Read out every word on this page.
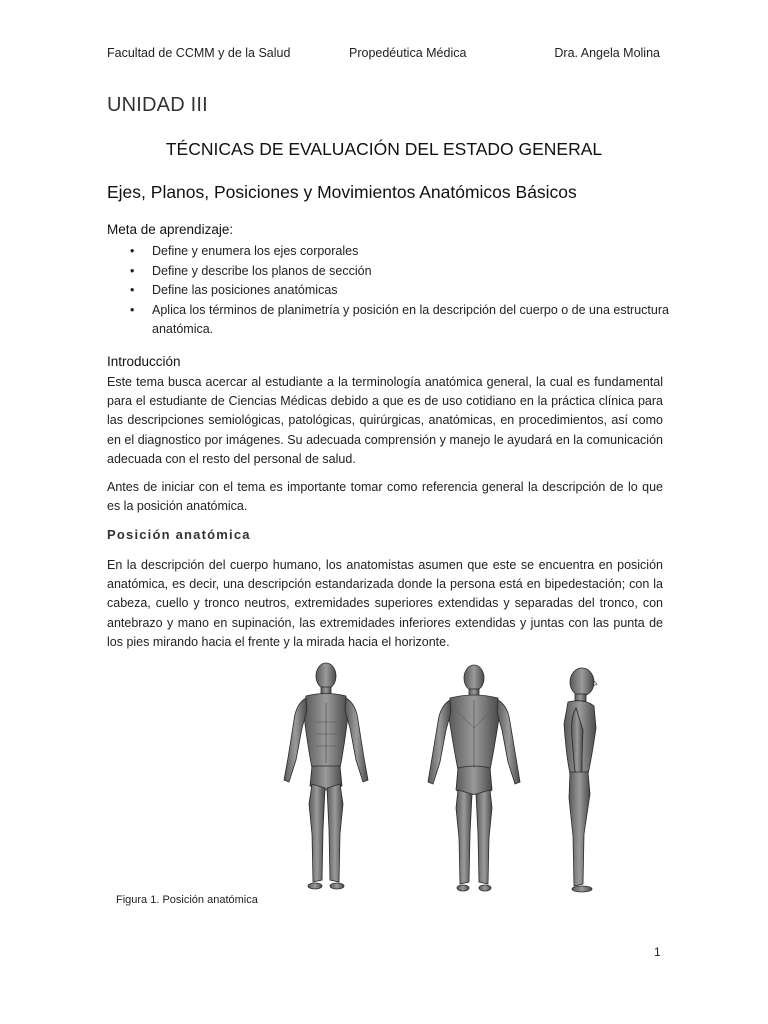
Facultad de CCMM y de la Salud	Propedéutica Médica	Dra. Angela Molina
UNIDAD III
TÉCNICAS DE EVALUACIÓN DEL ESTADO GENERAL
Ejes, Planos, Posiciones y Movimientos Anatómicos Básicos
Meta de aprendizaje:
• Define y enumera los ejes corporales
• Define y describe los planos de sección
• Define las posiciones anatómicas
• Aplica los términos de planimetría y posición en la descripción del cuerpo o de una estructura anatómica.
Introducción

Este tema busca acercar al estudiante a la terminología anatómica general, la cual es fundamental para el estudiante de Ciencias Médicas debido a que es de uso cotidiano en la práctica clínica para las descripciones semiológicas, patológicas, quirúrgicas, anatómicas, en procedimientos, así como en el diagnostico por imágenes. Su adecuada comprensión y manejo le ayudará en la comunicación adecuada con el resto del personal de salud.

Antes de iniciar con el tema es importante tomar como referencia general la descripción de lo que es la posición anatómica.

Posición anatómica

En la descripción del cuerpo humano, los anatomistas asumen que este se encuentra en posición anatómica, es decir, una descripción estandarizada donde la persona está en bipedestación; con la cabeza, cuello y tronco neutros, extremidades superiores extendidas y separadas del tronco, con antebrazo y mano en supinación, las extremidades inferiores extendidas y juntas con las punta de los pies mirando hacia el frente y la mirada hacia el horizonte.

Figura 1. Posición anatómica
1
